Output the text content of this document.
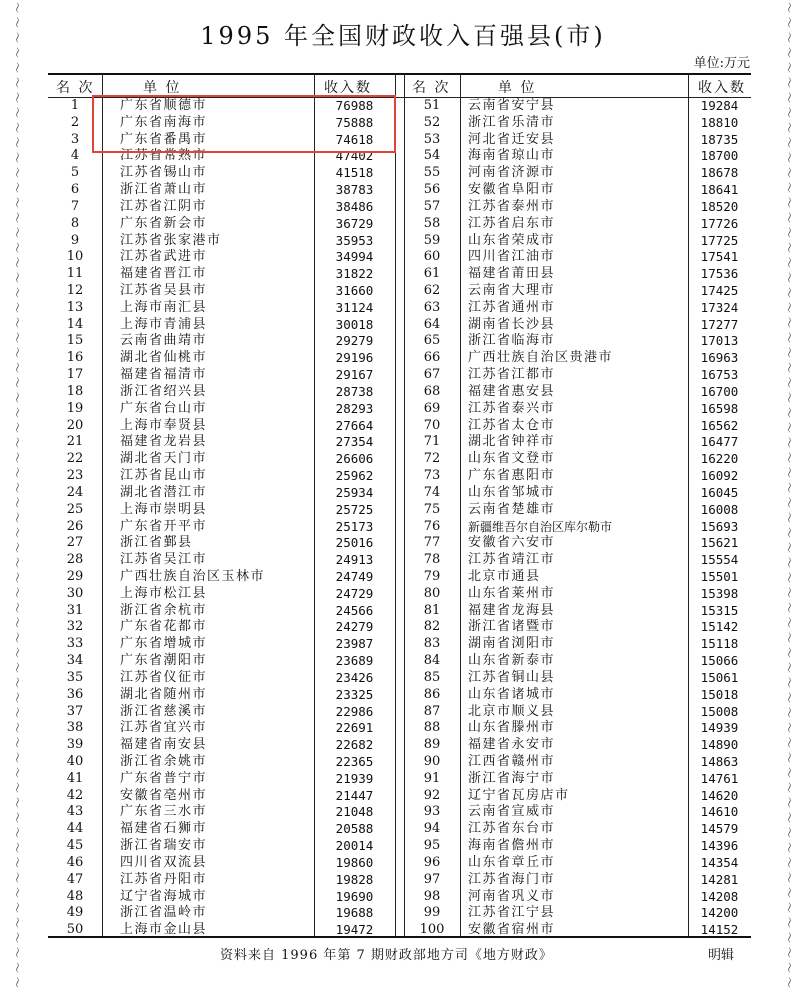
〜
〜
〜
〜
〜
〜
〜
〜
〜
〜
〜
〜
〜
〜
〜
〜
〜
〜
〜
〜
〜
〜
〜
〜
〜
〜
〜
〜
〜
〜
〜
〜
〜
〜
〜
〜
〜
〜
〜
〜
〜
〜
〜
〜
〜
〜
〜
〜
〜
〜
〜
〜
〜
〜
〜
〜
〜
〜
〜
〜
〜
〜
〜
〜
〜
〜
〜
〜
〜
〜
〜
〜
〜
〜
〜
〜
〜
〜
〜
〜
〜
〜
〜
〜
〜
〜
〜
〜
〜
〜
〜
〜
〜
〜
〜
〜
〜
〜
〜
〜
〜
〜
〜
〜
〜
〜
〜
〜
〜
〜
〜
〜
〜
〜
〜
〜
〜
〜
〜
〜
〜
〜
〜
〜
〜
〜
〜
〜
〜
〜
〜
〜
1995 年全国财政收入百强县(市)
单位:万元
名 次	单 位	收入数	名 次	单 位	收入数
1	广东省顺德市	76988
2	广东省南海市	75888
3	广东省番禺市	74618
4	江苏省常熟市	47402
5	江苏省锡山市	41518
6	浙江省萧山市	38783
7	江苏省江阴市	38486
8	广东省新会市	36729
9	江苏省张家港市	35953
10	江苏省武进市	34994
11	福建省晋江市	31822
12	江苏省吴县市	31660
13	上海市南汇县	31124
14	上海市青浦县	30018
15	云南省曲靖市	29279
16	湖北省仙桃市	29196
17	福建省福清市	29167
18	浙江省绍兴县	28738
19	广东省台山市	28293
20	上海市奉贤县	27664
21	福建省龙岩县	27354
22	湖北省天门市	26606
23	江苏省昆山市	25962
24	湖北省潜江市	25934
25	上海市崇明县	25725
26	广东省开平市	25173
27	浙江省鄞县	25016
28	江苏省吴江市	24913
29	广西壮族自治区玉林市	24749
30	上海市松江县	24729
31	浙江省余杭市	24566
32	广东省花都市	24279
33	广东省增城市	23987
34	广东省潮阳市	23689
35	江苏省仪征市	23426
36	湖北省随州市	23325
37	浙江省慈溪市	22986
38	江苏省宜兴市	22691
39	福建省南安县	22682
40	浙江省余姚市	22365
41	广东省普宁市	21939
42	安徽省亳州市	21447
43	广东省三水市	21048
44	福建省石狮市	20588
45	浙江省瑞安市	20014
46	四川省双流县	19860
47	江苏省丹阳市	19828
48	辽宁省海城市	19690
49	浙江省温岭市	19688
50	上海市金山县	19472
51	云南省安宁县	19284
52	浙江省乐清市	18810
53	河北省迁安县	18735
54	海南省琼山市	18700
55	河南省济源市	18678
56	安徽省阜阳市	18641
57	江苏省泰州市	18520
58	江苏省启东市	17726
59	山东省荣成市	17725
60	四川省江油市	17541
61	福建省莆田县	17536
62	云南省大理市	17425
63	江苏省通州市	17324
64	湖南省长沙县	17277
65	浙江省临海市	17013
66	广西壮族自治区贵港市	16963
67	江苏省江都市	16753
68	福建省惠安县	16700
69	江苏省泰兴市	16598
70	江苏省太仓市	16562
71	湖北省钟祥市	16477
72	山东省文登市	16220
73	广东省惠阳市	16092
74	山东省邹城市	16045
75	云南省楚雄市	16008
76	新疆维吾尔自治区库尔勒市	15693
77	安徽省六安市	15621
78	江苏省靖江市	15554
79	北京市通县	15501
80	山东省莱州市	15398
81	福建省龙海县	15315
82	浙江省诸暨市	15142
83	湖南省浏阳市	15118
84	山东省新泰市	15066
85	江苏省铜山县	15061
86	山东省诸城市	15018
87	北京市顺义县	15008
88	山东省滕州市	14939
89	福建省永安市	14890
90	江西省赣州市	14863
91	浙江省海宁市	14761
92	辽宁省瓦房店市	14620
93	云南省宣威市	14610
94	江苏省东台市	14579
95	海南省儋州市	14396
96	山东省章丘市	14354
97	江苏省海门市	14281
98	河南省巩义市	14208
99	江苏省江宁县	14200
100	安徽省宿州市	14152
资料来自 1996 年第 7 期财政部地方司《地方财政》	明辑
